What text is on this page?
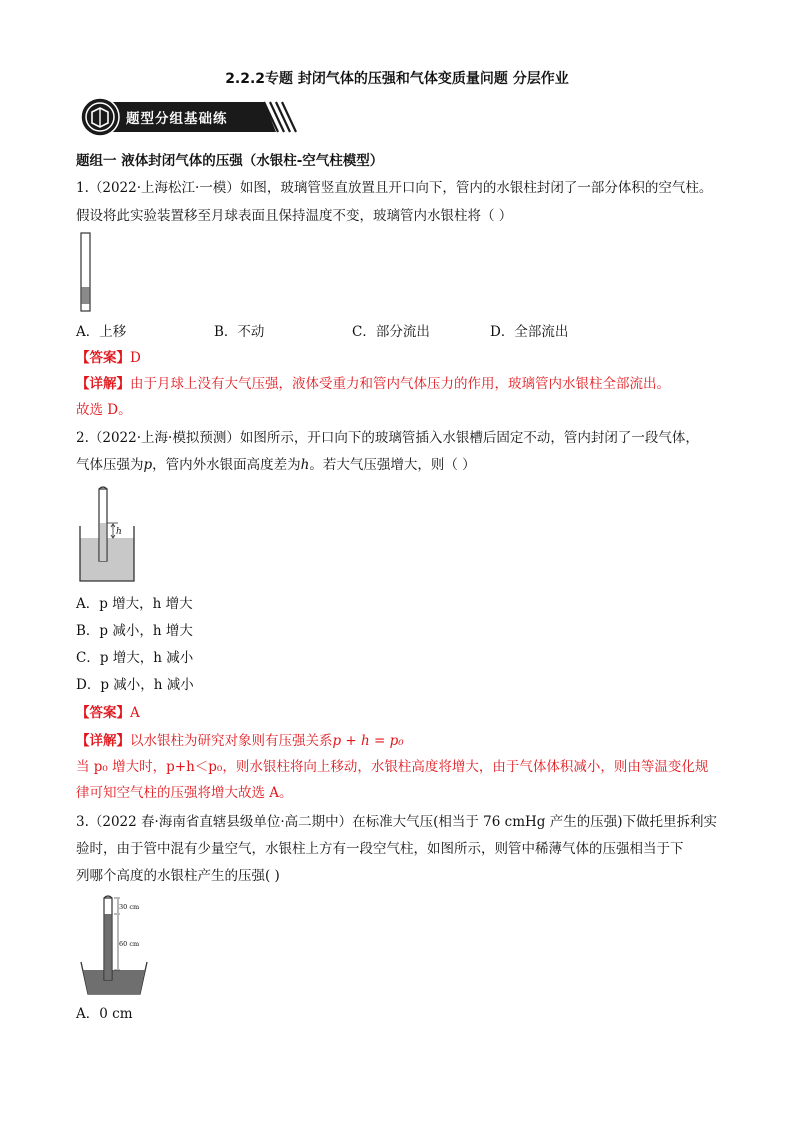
2.2.2专题 封闭气体的压强和气体变质量问题 分层作业
题型分组基础练
题组一 液体封闭气体的压强（水银柱-空气柱模型）
1.（2022·上海松江·一模）如图，玻璃管竖直放置且开口向下，管内的水银柱封闭了一部分体积的空气柱。
假设将此实验装置移至月球表面且保持温度不变，玻璃管内水银柱将（ ）
A．上移	B．不动	C．部分流出	D．全部流出
【答案】D
【详解】由于月球上没有大气压强，液体受重力和管内气体压力的作用，玻璃管内水银柱全部流出。
故选 D。
2.（2022·上海·模拟预测）如图所示，开口向下的玻璃管插入水银槽后固定不动，管内封闭了一段气体，
气体压强为p，管内外水银面高度差为h。若大气压强增大，则（ ）
h
A．p 增大，h 增大
B．p 减小，h 增大
C．p 增大，h 减小
D．p 减小，h 减小
【答案】A
【详解】以水银柱为研究对象则有压强关系p + h = p₀
当 p₀ 增大时，p+h＜p₀，则水银柱将向上移动，水银柱高度将增大，由于气体体积减小，则由等温变化规
律可知空气柱的压强将增大故选 A。
3.（2022 春·海南省直辖县级单位·高二期中）在标准大气压(相当于 76 cmHg 产生的压强)下做托里拆利实
验时，由于管中混有少量空气，水银柱上方有一段空气柱，如图所示，则管中稀薄气体的压强相当于下
列哪个高度的水银柱产生的压强( )
30 cm
60 cm
A．0 cm
